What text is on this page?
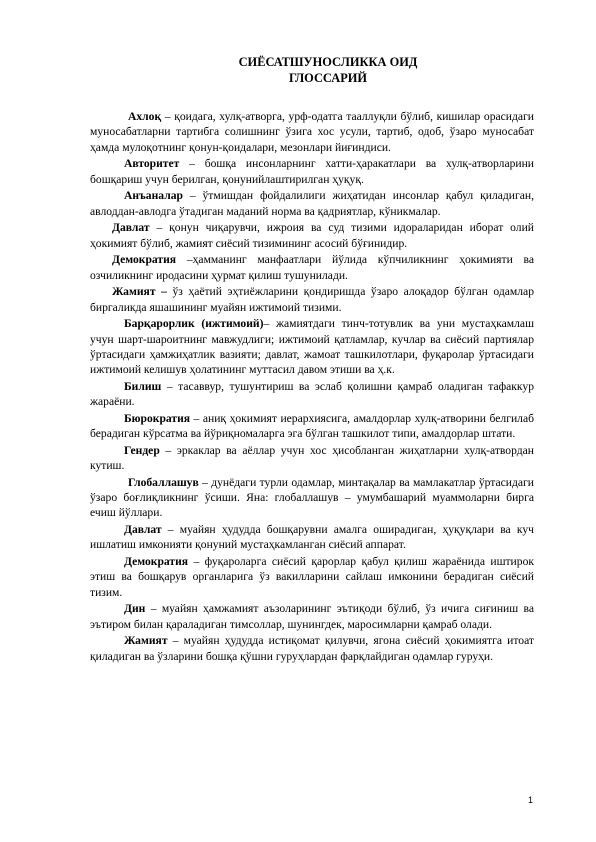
СИЁСАТШУНОСЛИККА ОИД
ГЛОССАРИЙ

Ахлоқ – қоидага, хулқ-атворга, урф-одатга тааллуқли бўлиб, кишилар орасидаги муносабатларни тартибга солишнинг ўзига хос усули, тартиб, одоб, ўзаро муносабат ҳамда мулоқотнинг қонун-қоидалари, мезонлари йиғиндиси.

Авторитет – бошқа инсонларнинг хатти-ҳаракатлари ва хулқ-атворларини бошқариш учун берилган, қонунийлаштирилган ҳуқуқ.

Анъаналар – ўтмишдан фойдалилиги жиҳатидан инсонлар қабул қиладиган, авлоддан-авлодга ўтадиган маданий норма ва қадриятлар, кўникмалар.

Давлат – қонун чиқарувчи, ижроия ва суд тизими идораларидан иборат олий ҳокимият бўлиб, жамият сиёсий тизимининг асосий бўғинидир.

Демократия –ҳамманинг манфаатлари йўлида кўпчиликнинг ҳокимияти ва озчиликнинг иродасини ҳурмат қилиш тушунилади.

Жамият – ўз ҳаётий эҳтиёжларини қондиришда ўзаро алоқадор бўлган одамлар биргаликда яшашининг муайян ижтимоий тизими.

Барқарорлик (ижтимоий)– жамиятдаги тинч-тотувлик ва уни мустаҳкамлаш учун шарт-шароитнинг мавжудлиги; ижтимоий қатламлар, кучлар ва сиёсий партиялар ўртасидаги ҳамжиҳатлик вазияти; давлат, жамоат ташкилотлари, фуқаролар ўртасидаги ижтимоий келишув ҳолатининг муттасил давом этиши ва ҳ.к.

Билиш – тасаввур, тушунтириш ва эслаб қолишни қамраб оладиган тафаккур жараёни.

Бюрократия – аниқ ҳокимият иерархиясига, амалдорлар хулқ-атворини белгилаб берадиган кўрсатма ва йўриқномаларга эга бўлган ташкилот типи, амалдорлар штати.

Гендер – эркаклар ва аёллар учун хос ҳисобланган жиҳатларни хулқ-атвордан кутиш.

Глобаллашув – дунёдаги турли одамлар, минтақалар ва мамлакатлар ўртасидаги ўзаро боғлиқликнинг ўсиши. Яна: глобаллашув – умумбашарий муаммоларни бирга ечиш йўллари.

Давлат – муайян ҳудудда бошқарувни амалга оширадиган, ҳуқуқлари ва куч ишлатиш имконияти қонуний мустаҳкамланган сиёсий аппарат.

Демократия – фуқароларга сиёсий қарорлар қабул қилиш жараёнида иштирок этиш ва бошқарув органларига ўз вакилларини сайлаш имконини берадиган сиёсий тизим.

Дин – муайян ҳамжамият аъзоларининг эътиқоди бўлиб, ўз ичига сиғиниш ва эътиром билан қараладиган тимсоллар, шунингдек, маросимларни қамраб олади.

Жамият – муайян ҳудудда истиқомат қилувчи, ягона сиёсий ҳокимиятга итоат қиладиган ва ўзларини бошқа қўшни гуруҳлардан фарқлайдиган одамлар гуруҳи.

1
